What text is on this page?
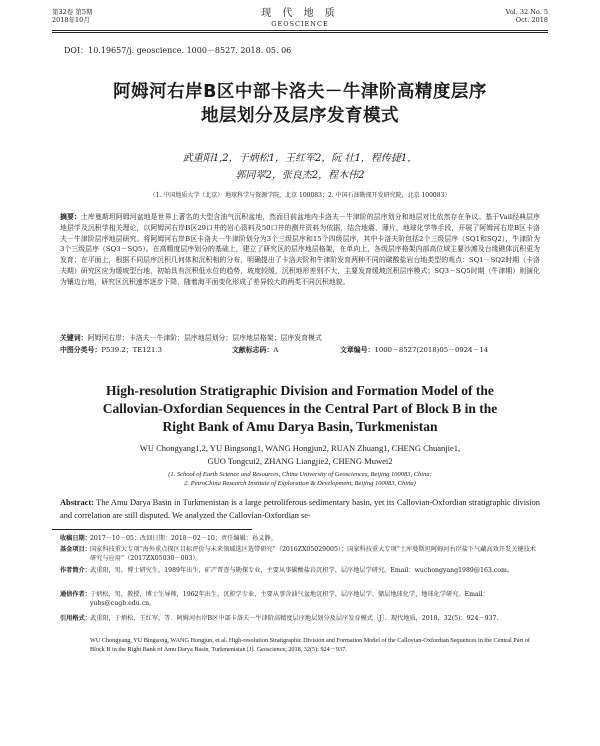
第32卷 第5期
2018年10月
现 代 地 质
GEOSCIENCE
Vol. 32 No. 5
Oct. 2018
DOI：10.19657/j. geoscience. 1000－8527. 2018. 05. 06
阿姆河右岸B区中部卡洛夫－牛津阶高精度层序
地层划分及层序发育模式
武重阳1,2，于炳松1，王红军2，阮 壮1，程传捷1，
郭同翠2，张良杰2，程木伟2
（1. 中国地质大学（北京） 地球科学与资源学院，北京 100083；2. 中国石油勘探开发研究院，北京 100083）
摘要：土库曼斯坦阿姆河盆地是世界上著名的大型含油气沉积盆地，然而目前盆地内卡洛夫－牛津阶的层序划分和地层对比依然存在争议。基于Vail经典层序地层学及沉积学相关理论，以阿姆河右岸B区29口井的岩心资料及50口井的测井资料为依据，结合地震、薄片、地球化学等手段，开展了阿姆河右岸B区卡洛夫－牛津阶层序地层研究。将阿姆河右岸B区卡洛夫－牛津阶划分为3个三级层序和15个四级层序，其中卡洛夫阶包括2个三级层序（SQ1和SQ2），牛津阶为3个三级层序（SQ3－SQ5）。在高精度层序划分的基础上，建立了研究区的层序地层格架，在单向上，各级层序格架内部高位域主要沙滩及台缘礁体沉积更为发育；在平面上，根据不同层序沉积几何体和沉积相的分布，明确提出了卡洛夫阶和牛津阶发育两种不同的碳酸盐岩台地类型的观点：SQ1－SQ2时期（卡洛夫期）研究区应为缓坡型台地，初始具有沉积低水位的趋势，坡度较缓，沉积地形差别不大，主要发育缓坡沉积层序模式；SQ3－SQ5时期（牛津期）则演化为镶边台地，研究区沉积速率逐步下降，随着海平面变化形成了差异较大的两类不同沉积地貌。
关键词：阿姆河右岸；卡洛夫－牛津阶；层序地层划分；层序地层格架；层序发育模式
中图分类号：P539.2；TE121.3	文献标志码：A	文章编号：1000－8527(2018)05－0924－14
High-resolution Stratigraphic Division and Formation Model of the
Callovian-Oxfordian Sequences in the Central Part of Block B in the
Right Bank of Amu Darya Basin, Turkmenistan
WU Chongyang1,2, YU Bingsong1, WANG Hongjun2, RUAN Zhuang1, CHENG Chuanjie1,
GUO Tongcui2, ZHANG Liangjie2, CHENG Muwei2
(1. School of Earth Science and Resources, China University of Geosciences, Beijing 100083, China;
2. PetroChina Research Institute of Exploration & Development, Beijing 100083, China)
Abstract: The Amu Darya Basin in Turkmenistan is a large petroliferous sedimentary basin, yet its Callovian-Oxfordian stratigraphic division and correlation are still disputed. We analyzed the Callovian-Oxfordian se-
收稿日期： 2017－10－05；改回日期：2018－02－10；责任编辑：孙义静。
基金项目： 国家科技重大专项“海外重点探区目标评价与未来领域选区选带研究”（2016ZX05029005）；国家科技重大专项“土库曼斯坦阿姆河右岸盐下气藏高效开发关键技术研究与应用”（2017ZX05030－003）。
作者简介： 武重阳，男，博士研究生，1989年出生，矿产普查与勘探专业，主要从事碳酸盐岩沉积学、层序地层学研究。Email：wuchongyang1989@163.com。
通信作者： 于炳松，男，教授，博士生导师，1962年出生，沉积学专业，主要从事含油气盆地沉积学、层序地层学、储层地球化学、地球化学研究。Email：yubs@cugb.edu.cn。
引用格式： 武重阳，于炳松，王红军，等．阿姆河右岸B区中部卡洛夫－牛津阶高精度层序地层划分及层序发育模式［J］．现代地质，2018，32(5)：924－937.
WU Chongyang, YU Bingsong, WANG Hongjun, et al. High-resolution Stratigraphic Division and Formation Model of the Callovian-Oxfordian Sequences in the Central Part of Block B in the Right Bank of Amu Darya Basin, Turkmenistan [J]. Geoscience, 2018, 32(5): 924－937.
